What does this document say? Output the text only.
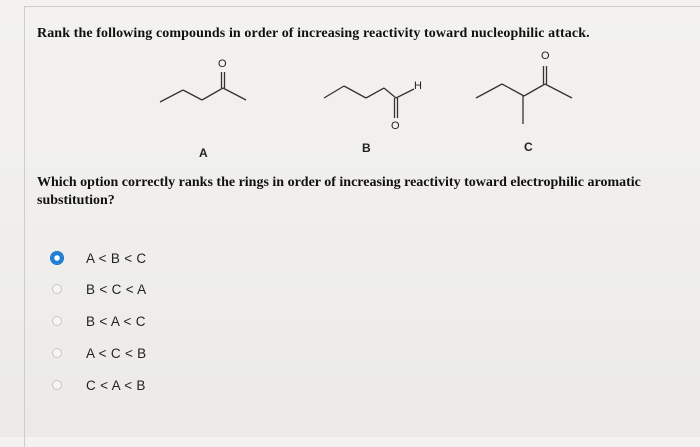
Rank the following compounds in order of increasing reactivity toward nucleophilic attack.
O
A
H
O
B
O
C
Which option correctly ranks the rings in order of increasing reactivity toward electrophilic aromatic substitution?
A < B < C
B < C < A
B < A < C
A < C < B
C < A < B
